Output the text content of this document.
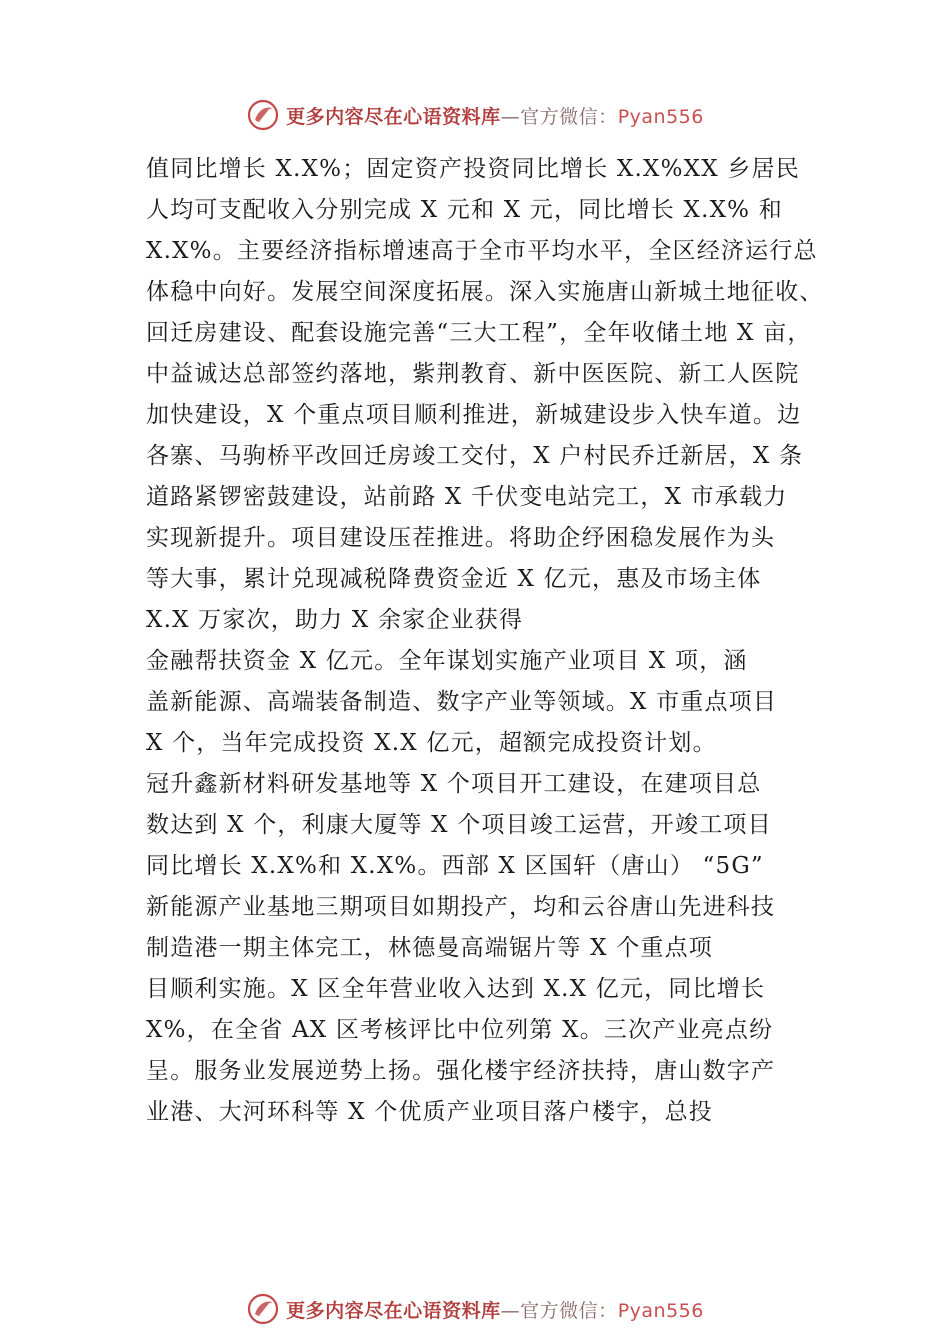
更多内容尽在心语资料库—官方微信：Pyan556
值同比增长 X.X%；固定资产投资同比增长 X.X%XX 乡居民
人均可支配收入分别完成 X 元和 X 元，同比增长 X.X% 和
X.X%。主要经济指标增速高于全市平均水平，全区经济运行总
体稳中向好。发展空间深度拓展。深入实施唐山新城土地征收、
回迁房建设、配套设施完善“三大工程”，全年收储土地 X 亩，
中益诚达总部签约落地，紫荆教育、新中医医院、新工人医院
加快建设，X 个重点项目顺利推进，新城建设步入快车道。边
各寨、马驹桥平改回迁房竣工交付，X 户村民乔迁新居，X 条
道路紧锣密鼓建设，站前路 X 千伏变电站完工，X 市承载力
实现新提升。项目建设压茬推进。将助企纾困稳发展作为头
等大事，累计兑现减税降费资金近 X 亿元，惠及市场主体
X.X 万家次，助力 X 余家企业获得
金融帮扶资金 X 亿元。全年谋划实施产业项目 X 项，涵
盖新能源、高端装备制造、数字产业等领域。X 市重点项目
X 个，当年完成投资 X.X 亿元，超额完成投资计划。
冠升鑫新材料研发基地等 X 个项目开工建设，在建项目总
数达到 X 个，利康大厦等 X 个项目竣工运营，开竣工项目
同比增长 X.X%和 X.X%。西部 X 区国轩（唐山） “5G”
新能源产业基地三期项目如期投产，均和云谷唐山先进科技
制造港一期主体完工，林德曼高端锯片等 X 个重点项
目顺利实施。X 区全年营业收入达到 X.X 亿元，同比增长
X%，在全省 AX 区考核评比中位列第 X。三次产业亮点纷
呈。服务业发展逆势上扬。强化楼宇经济扶持，唐山数字产
业港、大河环科等 X 个优质产业项目落户楼宇，总投
更多内容尽在心语资料库—官方微信：Pyan556
